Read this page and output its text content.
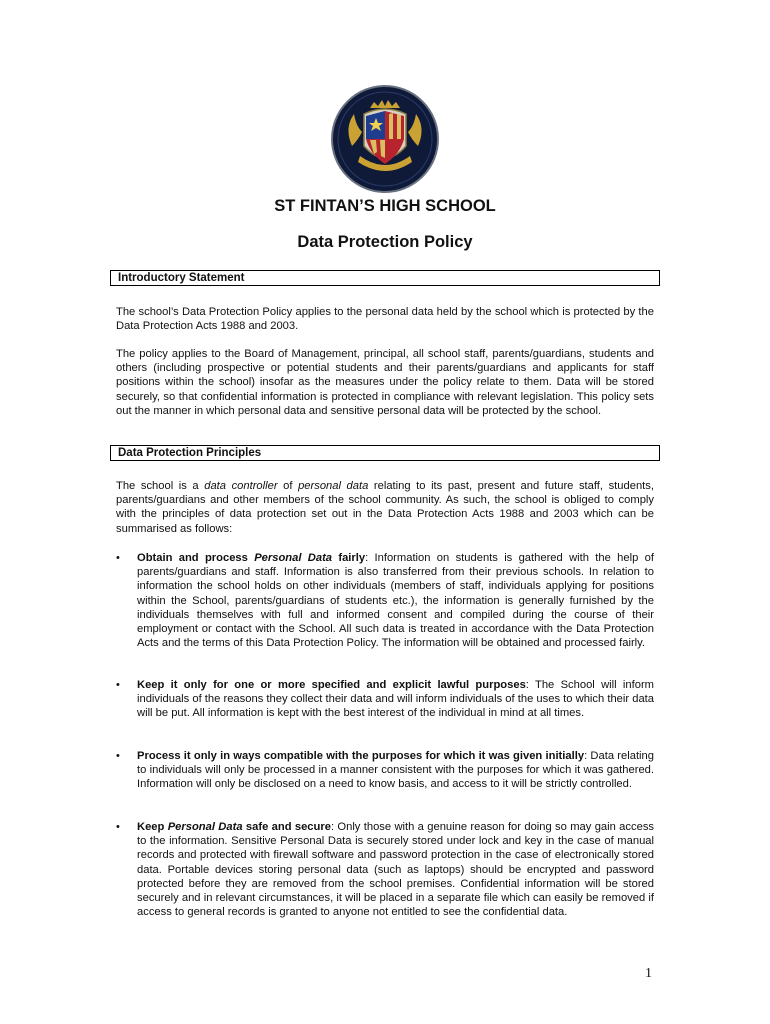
ST FINTAN’S HIGH SCHOOL
Data Protection Policy
Introductory Statement

The school’s Data Protection Policy applies to the personal data held by the school which is protected by the Data Protection Acts 1988 and 2003.

The policy applies to the Board of Management, principal, all school staff, parents/guardians, students and others (including prospective or potential students and their parents/guardians and applicants for staff positions within the school) insofar as the measures under the policy relate to them. Data will be stored securely, so that confidential information is protected in compliance with relevant legislation. This policy sets out the manner in which personal data and sensitive personal data will be protected by the school.

Data Protection Principles

The school is a data controller of personal data relating to its past, present and future staff, students, parents/guardians and other members of the school community. As such, the school is obliged to comply with the principles of data protection set out in the Data Protection Acts 1988 and 2003 which can be summarised as follows:

• Obtain and process Personal Data fairly: Information on students is gathered with the help of parents/guardians and staff. Information is also transferred from their previous schools. In relation to information the school holds on other individuals (members of staff, individuals applying for positions within the School, parents/guardians of students etc.), the information is generally furnished by the individuals themselves with full and informed consent and compiled during the course of their employment or contact with the School. All such data is treated in accordance with the Data Protection Acts and the terms of this Data Protection Policy. The information will be obtained and processed fairly.

• Keep it only for one or more specified and explicit lawful purposes: The School will inform individuals of the reasons they collect their data and will inform individuals of the uses to which their data will be put. All information is kept with the best interest of the individual in mind at all times.

• Process it only in ways compatible with the purposes for which it was given initially: Data relating to individuals will only be processed in a manner consistent with the purposes for which it was gathered. Information will only be disclosed on a need to know basis, and access to it will be strictly controlled.

• Keep Personal Data safe and secure: Only those with a genuine reason for doing so may gain access to the information. Sensitive Personal Data is securely stored under lock and key in the case of manual records and protected with firewall software and password protection in the case of electronically stored data. Portable devices storing personal data (such as laptops) should be encrypted and password protected before they are removed from the school premises. Confidential information will be stored securely and in relevant circumstances, it will be placed in a separate file which can easily be removed if access to general records is granted to anyone not entitled to see the confidential data.

1
